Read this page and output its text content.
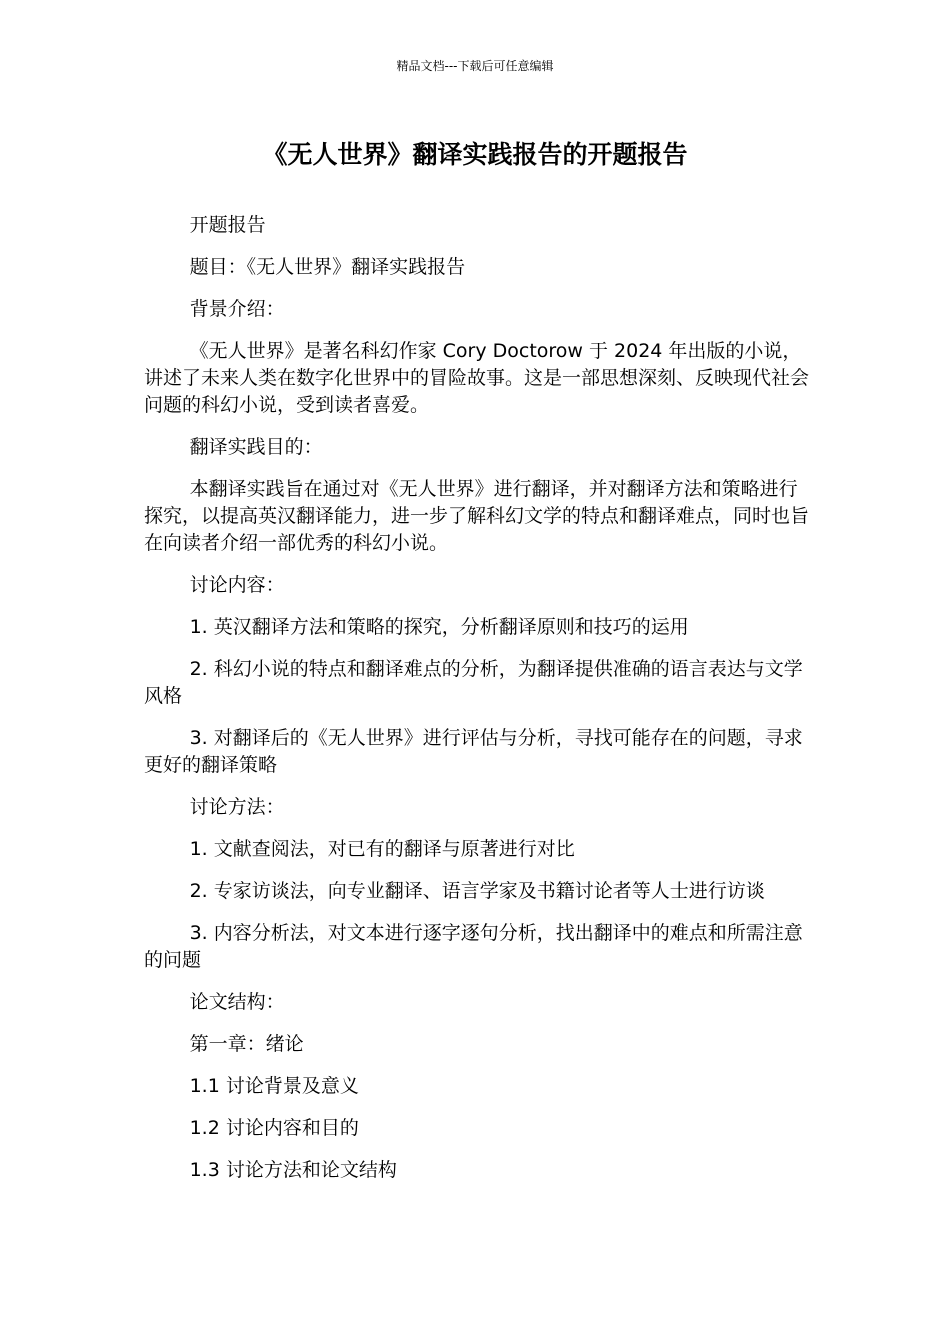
精品文档---下载后可任意编辑
《无人世界》翻译实践报告的开题报告

开题报告

题目：《无人世界》翻译实践报告

背景介绍：

《无人世界》是著名科幻作家 Cory Doctorow 于 2024 年出版的小说，讲述了未来人类在数字化世界中的冒险故事。这是一部思想深刻、反映现代社会问题的科幻小说，受到读者喜爱。

翻译实践目的：

本翻译实践旨在通过对《无人世界》进行翻译，并对翻译方法和策略进行探究，以提高英汉翻译能力，进一步了解科幻文学的特点和翻译难点，同时也旨在向读者介绍一部优秀的科幻小说。

讨论内容：

1. 英汉翻译方法和策略的探究，分析翻译原则和技巧的运用

2. 科幻小说的特点和翻译难点的分析，为翻译提供准确的语言表达与文学风格

3. 对翻译后的《无人世界》进行评估与分析，寻找可能存在的问题，寻求更好的翻译策略

讨论方法：

1. 文献查阅法，对已有的翻译与原著进行对比

2. 专家访谈法，向专业翻译、语言学家及书籍讨论者等人士进行访谈

3. 内容分析法，对文本进行逐字逐句分析，找出翻译中的难点和所需注意的问题

论文结构：

第一章：绪论

1.1 讨论背景及意义

1.2 讨论内容和目的

1.3 讨论方法和论文结构
